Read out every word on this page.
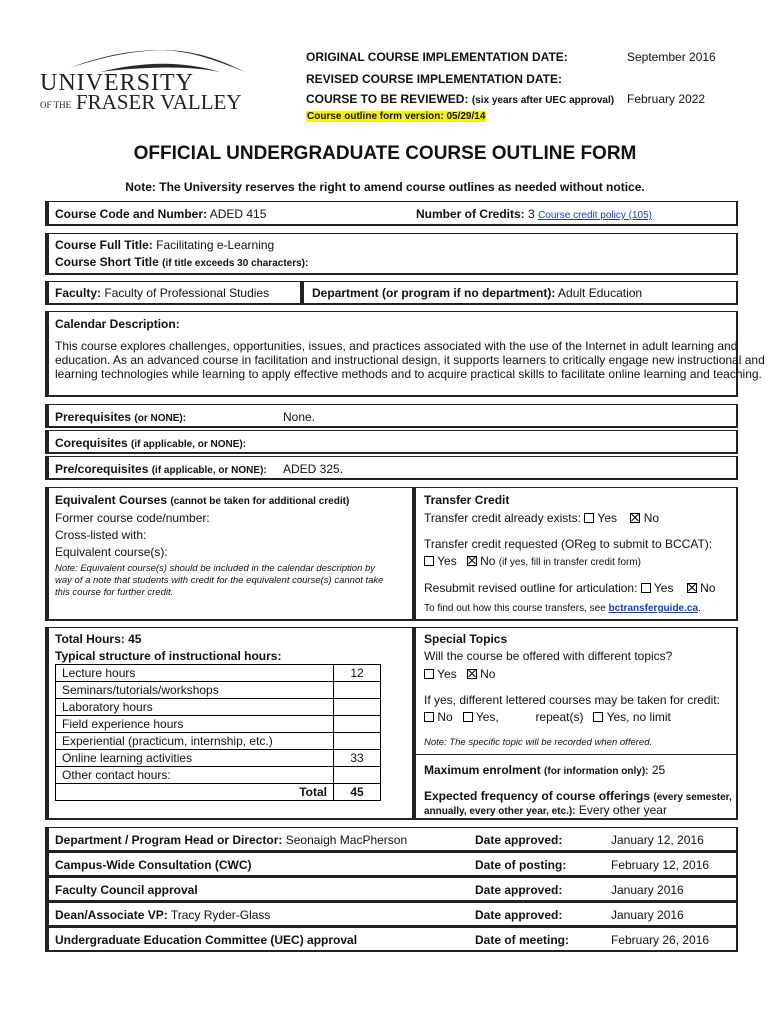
UNIVERSITY
OF THE FRASER VALLEY
ORIGINAL COURSE IMPLEMENTATION DATE:	September 2016
REVISED COURSE IMPLEMENTATION DATE:
COURSE TO BE REVIEWED: (six years after UEC approval) February 2022
Course outline form version: 05/29/14
OFFICIAL UNDERGRADUATE COURSE OUTLINE FORM
Note: The University reserves the right to amend course outlines as needed without notice.
Course Code and Number: ADED 415	Number of Credits: 3 Course credit policy (105)
Course Full Title: Facilitating e-Learning
Course Short Title (if title exceeds 30 characters):
Faculty: Faculty of Professional Studies	Department (or program if no department): Adult Education
Calendar Description:
This course explores challenges, opportunities, issues, and practices associated with the use of the Internet in adult learning and
education. As an advanced course in facilitation and instructional design, it supports learners to critically engage new instructional and
learning technologies while learning to apply effective methods and to acquire practical skills to facilitate online learning and teaching.
Prerequisites (or NONE):	None.
Corequisites (if applicable, or NONE):
Pre/corequisites (if applicable, or NONE): ADED 325.
Equivalent Courses (cannot be taken for additional credit)
Former course code/number:
Cross-listed with:
Equivalent course(s):
Note: Equivalent course(s) should be included in the calendar description by
way of a note that students with credit for the equivalent course(s) cannot take
this course for further credit.
Transfer Credit
Transfer credit already exists: Yes No
Transfer credit requested (OReg to submit to BCCAT):
Yes No (if yes, fill in transfer credit form)
Resubmit revised outline for articulation: Yes No
To find out how this course transfers, see bctransferguide.ca.
Total Hours: 45
Typical structure of instructional hours:
Lecture hours	12
Seminars/tutorials/workshops	
Laboratory hours	
Field experience hours	
Experiential (practicum, internship, etc.)	
Online learning activities	33
Other contact hours:	
Total	45
Special Topics
Will the course be offered with different topics?
Yes No
If yes, different lettered courses may be taken for credit:
No Yes,	repeat(s) Yes, no limit
Note: The specific topic will be recorded when offered.
Maximum enrolment (for information only): 25
Expected frequency of course offerings (every semester,
annually, every other year, etc.): Every other year
Department / Program Head or Director: Seonaigh MacPherson	Date approved:	January 12, 2016
Campus-Wide Consultation (CWC)	Date of posting:	February 12, 2016
Faculty Council approval	Date approved:	January 2016
Dean/Associate VP: Tracy Ryder-Glass	Date approved:	January 2016
Undergraduate Education Committee (UEC) approval	Date of meeting:	February 26, 2016
